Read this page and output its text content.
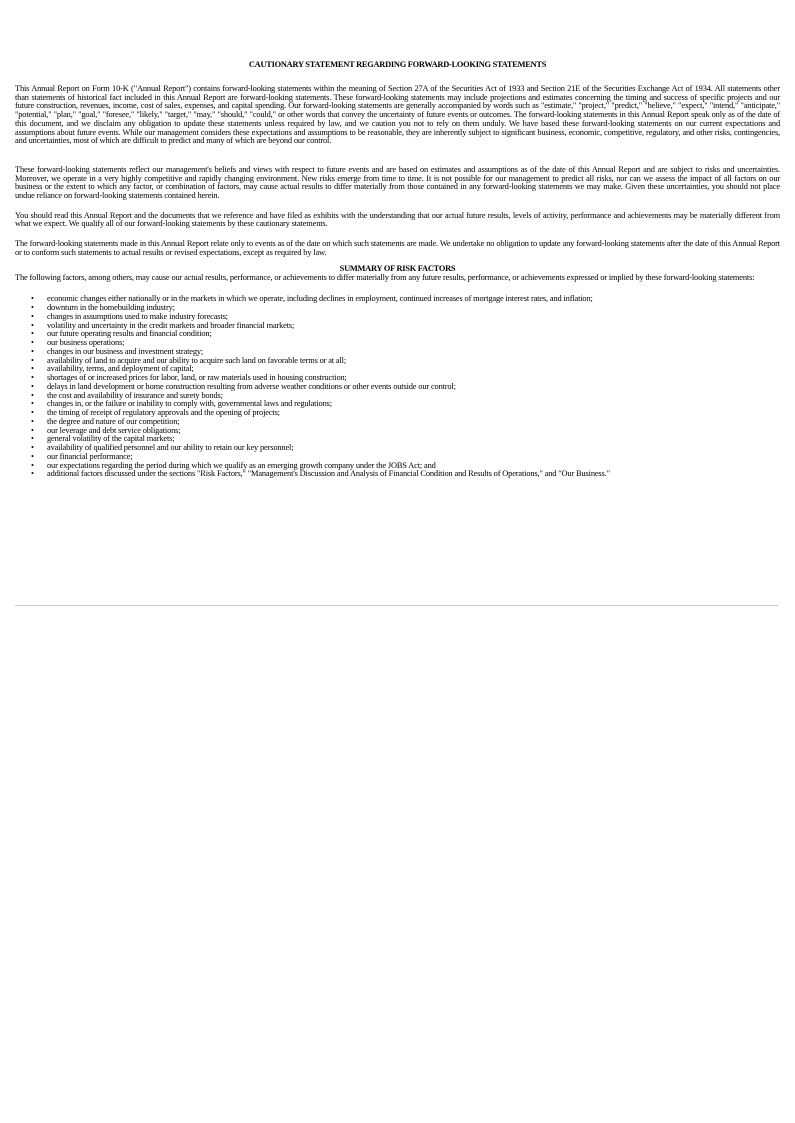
CAUTIONARY STATEMENT REGARDING FORWARD-LOOKING STATEMENTS

This Annual Report on Form 10-K ("Annual Report") contains forward-looking statements within the meaning of Section 27A of the Securities Act of 1933 and Section 21E of the Securities Exchange Act of 1934. All statements other than statements of historical fact included in this Annual Report are forward-looking statements. These forward-looking statements may include projections and estimates concerning the timing and success of specific projects and our future construction, revenues, income, cost of sales, expenses, and capital spending. Our forward-looking statements are generally accompanied by words such as "estimate," "project," "predict," "believe," "expect," "intend," "anticipate," "potential," "plan," "goal," "foresee," "likely," "target," "may," "should," "could," or other words that convey the uncertainty of future events or outcomes. The forward-looking statements in this Annual Report speak only as of the date of this document, and we disclaim any obligation to update these statements unless required by law, and we caution you not to rely on them unduly. We have based these forward-looking statements on our current expectations and assumptions about future events. While our management considers these expectations and assumptions to be reasonable, they are inherently subject to significant business, economic, competitive, regulatory, and other risks, contingencies, and uncertainties, most of which are difficult to predict and many of which are beyond our control.

These forward-looking statements reflect our management's beliefs and views with respect to future events and are based on estimates and assumptions as of the date of this Annual Report and are subject to risks and uncertainties. Moreover, we operate in a very highly competitive and rapidly changing environment. New risks emerge from time to time. It is not possible for our management to predict all risks, nor can we assess the impact of all factors on our business or the extent to which any factor, or combination of factors, may cause actual results to differ materially from those contained in any forward-looking statements we may make. Given these uncertainties, you should not place undue reliance on forward-looking statements contained herein.

You should read this Annual Report and the documents that we reference and have filed as exhibits with the understanding that our actual future results, levels of activity, performance and achievements may be materially different from what we expect. We qualify all of our forward-looking statements by these cautionary statements.

The forward-looking statements made in this Annual Report relate only to events as of the date on which such statements are made. We undertake no obligation to update any forward-looking statements after the date of this Annual Report or to conform such statements to actual results or revised expectations, except as required by law.

SUMMARY OF RISK FACTORS

The following factors, among others, may cause our actual results, performance, or achievements to differ materially from any future results, performance, or achievements expressed or implied by these forward-looking statements:

• economic changes either nationally or in the markets in which we operate, including declines in employment, continued increases of mortgage interest rates, and inflation;
• downturn in the homebuilding industry;
• changes in assumptions used to make industry forecasts;
• volatility and uncertainty in the credit markets and broader financial markets;
• our future operating results and financial condition;
• our business operations;
• changes in our business and investment strategy;
• availability of land to acquire and our ability to acquire such land on favorable terms or at all;
• availability, terms, and deployment of capital;
• shortages of or increased prices for labor, land, or raw materials used in housing construction;
• delays in land development or home construction resulting from adverse weather conditions or other events outside our control;
• the cost and availability of insurance and surety bonds;
• changes in, or the failure or inability to comply with, governmental laws and regulations;
• the timing of receipt of regulatory approvals and the opening of projects;
• the degree and nature of our competition;
• our leverage and debt service obligations;
• general volatility of the capital markets;
• availability of qualified personnel and our ability to retain our key personnel;
• our financial performance;
• our expectations regarding the period during which we qualify as an emerging growth company under the JOBS Act; and
• additional factors discussed under the sections "Risk Factors," "Management's Discussion and Analysis of Financial Condition and Results of Operations," and "Our Business."
